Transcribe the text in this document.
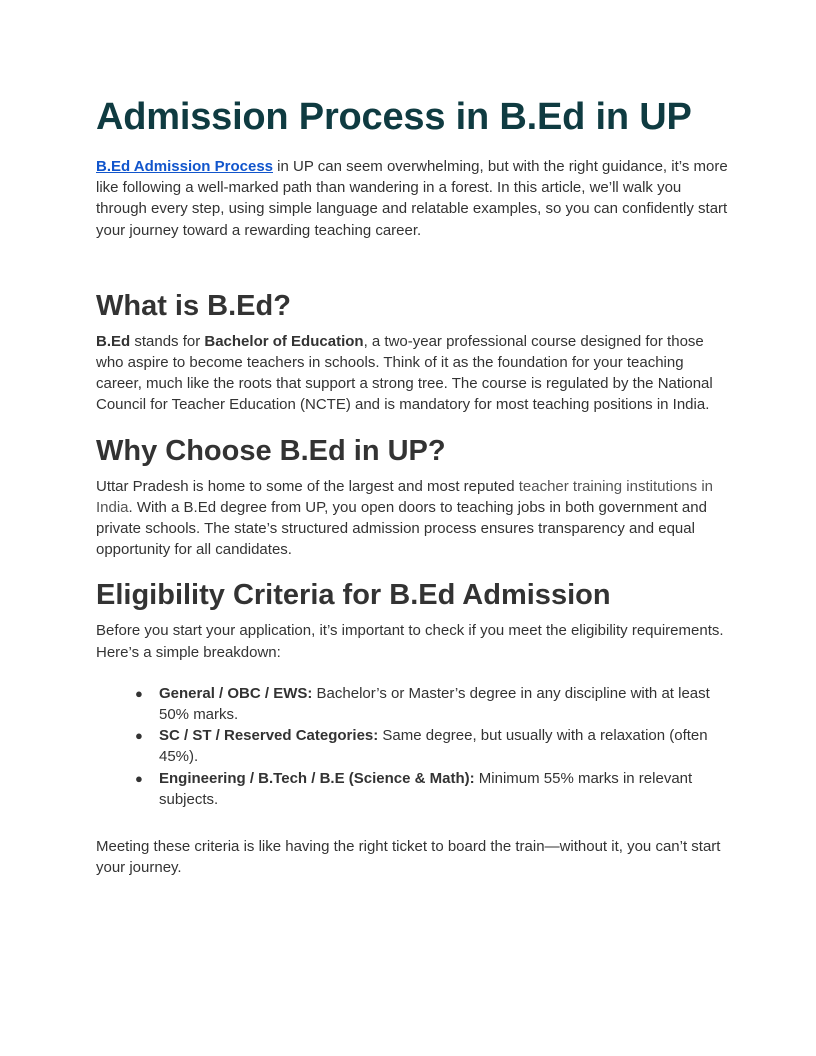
Admission Process in B.Ed in UP

B.Ed Admission Process in UP can seem overwhelming, but with the right guidance, it’s more like following a well-marked path than wandering in a forest. In this article, we’ll walk you through every step, using simple language and relatable examples, so you can confidently start your journey toward a rewarding teaching career.

What is B.Ed?

B.Ed stands for Bachelor of Education, a two-year professional course designed for those who aspire to become teachers in schools. Think of it as the foundation for your teaching career, much like the roots that support a strong tree. The course is regulated by the National Council for Teacher Education (NCTE) and is mandatory for most teaching positions in India.

Why Choose B.Ed in UP?

Uttar Pradesh is home to some of the largest and most reputed teacher training institutions in India. With a B.Ed degree from UP, you open doors to teaching jobs in both government and private schools. The state’s structured admission process ensures transparency and equal opportunity for all candidates.

Eligibility Criteria for B.Ed Admission

Before you start your application, it’s important to check if you meet the eligibility requirements. Here’s a simple breakdown:

● General / OBC / EWS: Bachelor’s or Master’s degree in any discipline with at least 50% marks.
● SC / ST / Reserved Categories: Same degree, but usually with a relaxation (often 45%).
● Engineering / B.Tech / B.E (Science & Math): Minimum 55% marks in relevant subjects.

Meeting these criteria is like having the right ticket to board the train—without it, you can’t start your journey.
